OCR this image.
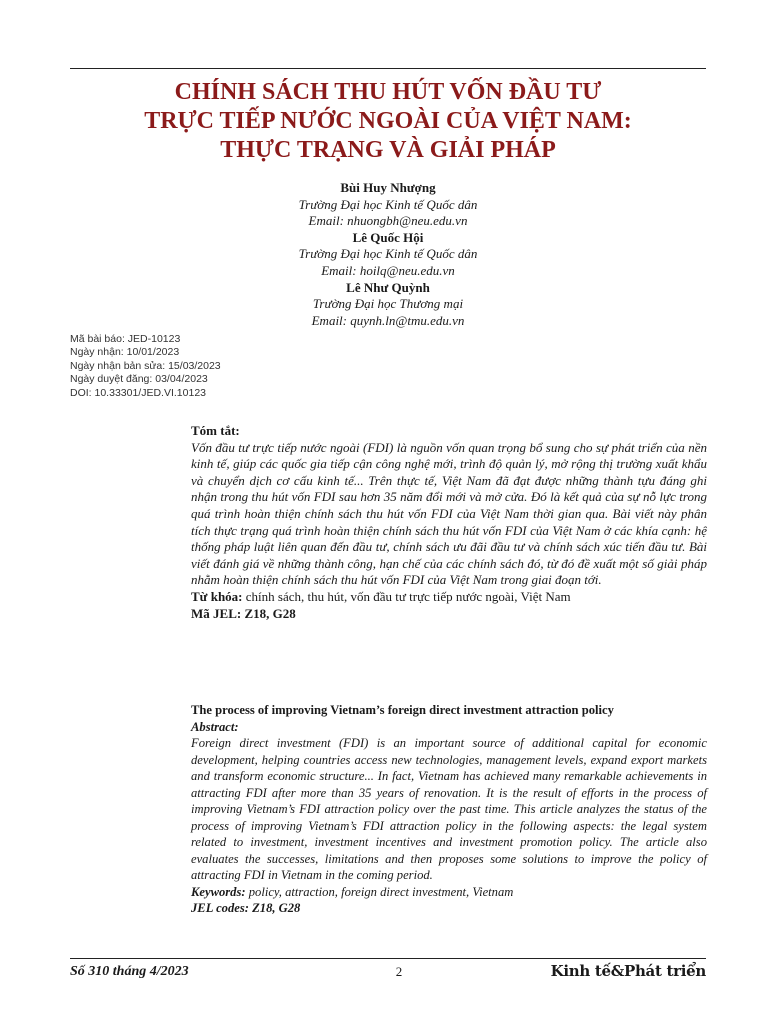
CHÍNH SÁCH THU HÚT VỐN ĐẦU TƯ
TRỰC TIẾP NƯỚC NGOÀI CỦA VIỆT NAM:
THỰC TRẠNG VÀ GIẢI PHÁP
Bùi Huy Nhượng
Trường Đại học Kinh tế Quốc dân
Email: nhuongbh@neu.edu.vn
Lê Quốc Hội
Trường Đại học Kinh tế Quốc dân
Email: hoilq@neu.edu.vn
Lê Như Quỳnh
Trường Đại học Thương mại
Email: quynh.ln@tmu.edu.vn
Mã bài báo: JED-10123
Ngày nhận: 10/01/2023
Ngày nhận bản sửa: 15/03/2023
Ngày duyệt đăng: 03/04/2023
DOI: 10.33301/JED.VI.10123
Tóm tắt:
Vốn đầu tư trực tiếp nước ngoài (FDI) là nguồn vốn quan trọng bổ sung cho sự phát triển của nền kinh tế, giúp các quốc gia tiếp cận công nghệ mới, trình độ quản lý, mở rộng thị trường xuất khẩu và chuyển dịch cơ cấu kinh tế... Trên thực tế, Việt Nam đã đạt được những thành tựu đáng ghi nhận trong thu hút vốn FDI sau hơn 35 năm đổi mới và mở cửa. Đó là kết quả của sự nỗ lực trong quá trình hoàn thiện chính sách thu hút vốn FDI của Việt Nam thời gian qua. Bài viết này phân tích thực trạng quá trình hoàn thiện chính sách thu hút vốn FDI của Việt Nam ở các khía cạnh: hệ thống pháp luật liên quan đến đầu tư, chính sách ưu đãi đầu tư và chính sách xúc tiến đầu tư. Bài viết đánh giá về những thành công, hạn chế của các chính sách đó, từ đó đề xuất một số giải pháp nhằm hoàn thiện chính sách thu hút vốn FDI của Việt Nam trong giai đoạn tới.
Từ khóa: chính sách, thu hút, vốn đầu tư trực tiếp nước ngoài, Việt Nam
Mã JEL: Z18, G28
The process of improving Vietnam’s foreign direct investment attraction policy
Abstract:
Foreign direct investment (FDI) is an important source of additional capital for economic development, helping countries access new technologies, management levels, expand export markets and transform economic structure... In fact, Vietnam has achieved many remarkable achievements in attracting FDI after more than 35 years of renovation. It is the result of efforts in the process of improving Vietnam’s FDI attraction policy over the past time. This article analyzes the status of the process of improving Vietnam’s FDI attraction policy in the following aspects: the legal system related to investment, investment incentives and investment promotion policy. The article also evaluates the successes, limitations and then proposes some solutions to improve the policy of attracting FDI in Vietnam in the coming period.
Keywords: policy, attraction, foreign direct investment, Vietnam
JEL codes: Z18, G28
Số 310 tháng 4/2023	2	Kinh tế&Phát triển
